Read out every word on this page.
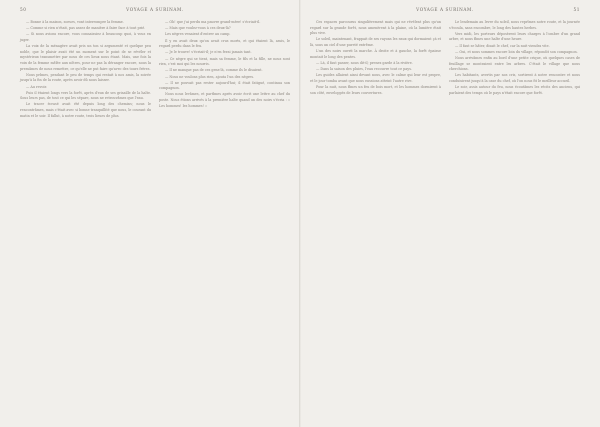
50	VOYAGE A SURINAM.

— Bonne à la maison, soeurs, vont interrompre la femme.

— Comme si rien n'était, pas assez de manière à faire face à tout prié.

— Si nous avions encore, vous connaissiez à beaucoup quoi, à vous en juger.

La voix de la ménagère avait pris un ton si argumenté et quelque peu noble, que le plaisir avait été un moment sur le point de se révéler et mystérieux transmettre par nous de ces lieux nous étant. Mais, une fois la voix de la femme mêlée aux nôtres, pour ne pas la déranger encore, nous la pressâmes de nous remettre, ce qu'elle ne put faire qu'avec des tours frères.

Nous prîmes, pendant le peu de temps qui restait à nos amis, la soirée jusqu'à la fin de la route, après avoir dû nous laisser.

— Au revoir.

Puis il étaient longs vers la forêt, après d'eux de ses grisaille de la halte. Sous leurs pas, de tout ce qui les sépare, nous ne retrouvâmes que l'eau.

Le tracer écrasé avait été depuis long des chemins; nous le rencontrâmes, mais c'était avec si bonne tranquillité que nous, le courant du matin et le soir. Il fallut, à notre route, trois lieues de plus.

— Oh! que j'ai perdu ma pauvre grand-mère! s'écriait-il.

— Mais que voulez-vous à ces deux-là?

Les nègres venaient d'entrer au camp.

Il y en avait deux qu'on avait crus morts, et qui étaient là, assis, le regard perdu dans le feu.

— Je le trouve! s'écriait-il; je n'en ferai jamais tant.

— Ce nègre qui se tient, mais sa femme, le fils et la fille, ne nous sont rien, c'est moi qui les nourris.

— Il ne manque pas de ces gens-là, comme ils le disaient.

— Nous ne voulons plus rien, ajouta l'un des nègres.

— Il ne pouvait pas rester aujourd'hui; il était fatigué, continua son compagnon.

Nous nous levâmes, et partîmes après avoir écrit une lettre au chef du poste. Nous étions arrivés à la première halte quand un des noirs s'écria : « Les hommes! les hommes! »

VOYAGE A SURINAM.	51

Ces espaces parcourus singulièrement mais qui ne révèlent plus qu'un regard sur la grande forêt, nous amenèrent à la plaine, où la lumière était plus vive.

Le soleil, maintenant, frappait de ses rayons les eaux qui dormaient çà et là, sous un ciel d'une pureté extrême.

L'un des noirs ouvrit la marche. À droite et à gauche, la forêt épaisse montait le long des pentes.

— Là, il faut passer, nous dit-il; prenez garde à la rivière.

— Dans la saison des pluies, l'eau recouvre tout ce pays.

Les guides allaient ainsi devant nous, avec le calme qui leur est propre, et le jour tomba avant que nous eussions atteint l'autre rive.

Pour la nuit, nous fîmes un feu de bois mort, et les hommes dormirent à son côté, enveloppés de leurs couvertures.

Le lendemain au lever du soleil, nous reprîmes notre route, et la journée s'écoula, sans encombre, le long des hautes herbes.

Vers midi, les porteurs déposèrent leurs charges à l'ombre d'un grand arbre, et nous fîmes une halte d'une heure.

— Il faut se hâter, disait le chef, car la nuit viendra vite.

— Oui, et nous sommes encore loin du village, répondit son compagnon.

Nous arrivâmes enfin au bord d'une petite crique, où quelques cases de feuillage se montraient entre les arbres. C'était le village que nous cherchions.

Les habitants, avertis par nos cris, sortirent à notre rencontre et nous conduisirent jusqu'à la case du chef, où l'on nous fit le meilleur accueil.

Le soir, assis autour du feu, nous écoutâmes les récits des anciens, qui parlaient des temps où le pays n'était encore que forêt.
